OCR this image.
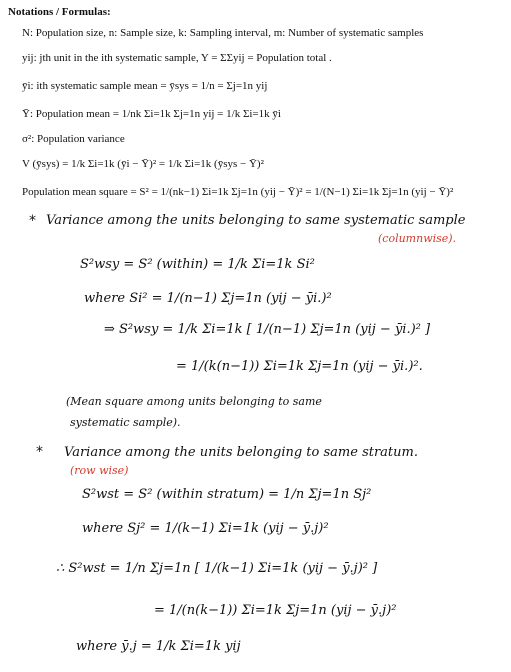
Notations / Formulas:
N: Population size, n: Sample size, k: Sampling interval, m: Number of systematic samples
yij: jth unit in the ith systematic sample, Y = ΣΣyij = Population total .
ȳi: ith systematic sample mean = ȳsys = 1/n = Σj=1n yij
Ȳ: Population mean = 1/nk Σi=1k Σj=1n yij = 1/k Σi=1k ȳi
σ²: Population variance
V (ȳsys) = 1/k Σi=1k (ȳi − Ȳ)² = 1/k Σi=1k (ȳsys − Ȳ)²
Population mean square = S² = 1/(nk−1) Σi=1k Σj=1n (yij − Ȳ)² = 1/(N−1) Σi=1k Σj=1n (yij − Ȳ)²
* Variance among the units belonging to same systematic sample
(columnwise).
S²wsy = S² (within) = 1/k Σi=1k Si²
where Si² = 1/(n−1) Σj=1n (yij − ȳi.)²
⇒ S²wsy = 1/k Σi=1k [ 1/(n−1) Σj=1n (yij − ȳi.)² ]
= 1/(k(n−1)) Σi=1k Σj=1n (yij − ȳi.)².
(Mean square among units belonging to same
systematic sample).
* Variance among the units belonging to same stratum.
(row wise)
S²wst = S² (within stratum) = 1/n Σj=1n Sj²
where Sj² = 1/(k−1) Σi=1k (yij − ȳ.j)²
∴ S²wst = 1/n Σj=1n [ 1/(k−1) Σi=1k (yij − ȳ.j)² ]
= 1/(n(k−1)) Σi=1k Σj=1n (yij − ȳ.j)²
where ȳ.j = 1/k Σi=1k yij
